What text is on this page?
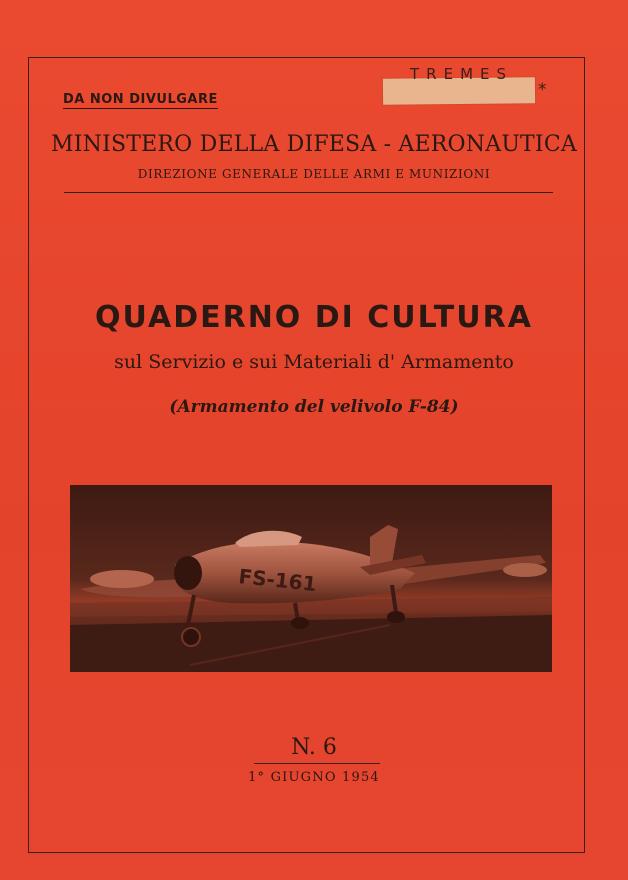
DA NON DIVULGARE
TREMES
*
MINISTERO DELLA DIFESA - AERONAUTICA
DIREZIONE GENERALE DELLE ARMI E MUNIZIONI
QUADERNO DI CULTURA
sul Servizio e sui Materiali d' Armamento
(Armamento del velivolo F-84)
FS-161
N. 6
1° GIUGNO 1954
